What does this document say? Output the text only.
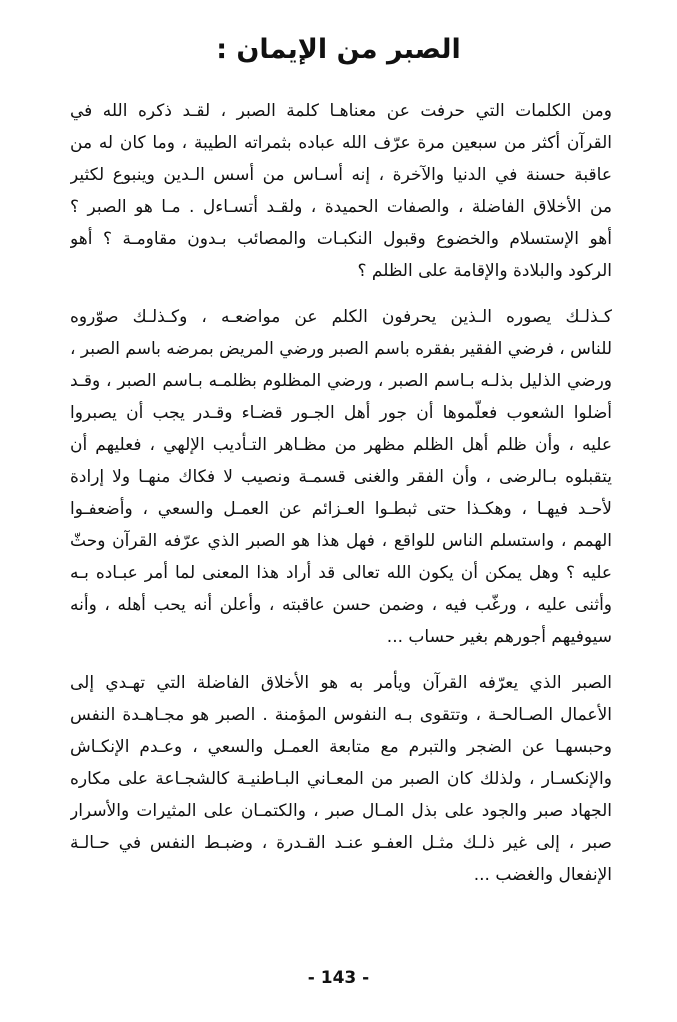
الصبر من الإيمان :
ومن الكلمات التي حرفت عن معناهـا كلمة الصبر ، لقـد ذكره الله في
القرآن أكثر من سبعين مرة عرّف الله عباده بثمراته الطيبة ، وما كان له من
عاقبة حسنة في الدنيا والآخرة ، إنه أسـاس من أسس الـدين وينبوع لكثير
من الأخلاق الفاضلة ، والصفات الحميدة ، ولقـد أتسـاءل . مـا هو الصبر ؟
أهو الإستسلام والخضوع وقبول النكبـات والمصائب بـدون مقاومـة ؟ أهو
الركود والبلادة والإقامة على الظلم ؟
كـذلـك يصوره الـذين يحرفون الكلم عن مواضعـه ، وكـذلـك صوّروه
للناس ، فرضي الفقير بفقره باسم الصبر ورضي المريض بمرضه باسم الصبر ،
ورضي الذليل بذلـه بـاسم الصبر ، ورضي المظلوم بظلمـه بـاسم الصبر ، وقـد
أضلوا الشعوب فعلّموها أن جور أهل الجـور قضـاء وقـدر يجب أن يصبروا
عليه ، وأن ظلم أهل الظلم مظهر من مظـاهر التـأديب الإلهي ، فعليهم أن
يتقبلوه بـالرضى ، وأن الفقر والغنى قسمـة ونصيب لا فكاك منهـا ولا إرادة
لأحـد فيهـا ، وهكـذا حتى ثبطـوا العـزائم عن العمـل والسعي ، وأضعفـوا
الهمم ، واستسلم الناس للواقع ، فهل هذا هو الصبر الذي عرّفه القرآن وحثّ
عليه ؟ وهل يمكن أن يكون الله تعالى قد أراد هذا المعنى لما أمر عبـاده بـه
وأثنى عليه ، ورغّب فيه ، وضمن حسن عاقبته ، وأعلن أنه يحب أهله ، وأنه
سيوفيهم أجورهم بغير حساب ...
الصبر الذي يعرّفه القرآن ويأمر به هو الأخلاق الفاضلة التي تهـدي إلى
الأعمال الصـالحـة ، وتتقوى بـه النفوس المؤمنة . الصبر هو مجـاهـدة النفس
وحبسهـا عن الضجر والتبرم مع متابعة العمـل والسعي ، وعـدم الإنكـاش
والإنكسـار ، ولذلك كان الصبر من المعـاني البـاطنيـة كالشجـاعة على مكاره
الجهاد صبر والجود على بذل المـال صبر ، والكتمـان على المثيرات والأسرار
صبر ، إلى غير ذلـك مثـل العفـو عنـد القـدرة ، وضبـط النفس في حـالـة
الإنفعال والغضب ...
- 143 -
